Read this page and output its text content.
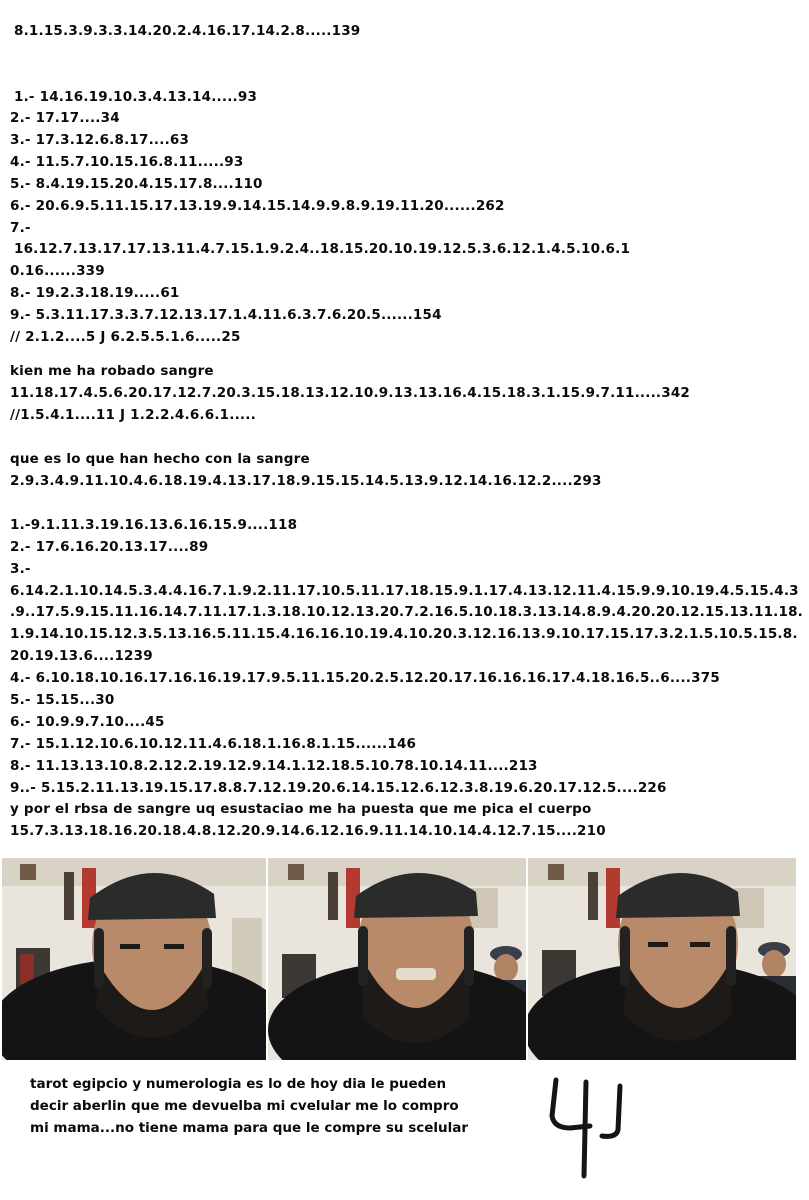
8.1.15.3.9.3.3.14.20.2.4.16.17.14.2.8.....139
1.- 14.16.19.10.3.4.13.14.....93
2.- 17.17....34
3.- 17.3.12.6.8.17....63
4.- 11.5.7.10.15.16.8.11.....93
5.- 8.4.19.15.20.4.15.17.8....110
6.- 20.6.9.5.11.15.17.13.19.9.14.15.14.9.9.8.9.19.11.20......262
7.-
16.12.7.13.17.17.13.11.4.7.15.1.9.2.4..18.15.20.10.19.12.5.3.6.12.1.4.5.10.6.1
0.16......339
8.- 19.2.3.18.19.....61
9.- 5.3.11.17.3.3.7.12.13.17.1.4.11.6.3.7.6.20.5......154
// 2.1.2....5 J 6.2.5.5.1.6.....25
kien me ha robado sangre
11.18.17.4.5.6.20.17.12.7.20.3.15.18.13.12.10.9.13.13.16.4.15.18.3.1.15.9.7.11.....342
//1.5.4.1....11 J 1.2.2.4.6.6.1.....
que es lo que han hecho con la sangre
2.9.3.4.9.11.10.4.6.18.19.4.13.17.18.9.15.15.14.5.13.9.12.14.16.12.2....293
1.-9.1.11.3.19.16.13.6.16.15.9....118
2.- 17.6.16.20.13.17....89
3.-
6.14.2.1.10.14.5.3.4.4.16.7.1.9.2.11.17.10.5.11.17.18.15.9.1.17.4.13.12.11.4.15.9.9.10.19.4.5.15.4.3
.9..17.5.9.15.11.16.14.7.11.17.1.3.18.10.12.13.20.7.2.16.5.10.18.3.13.14.8.9.4.20.20.12.15.13.11.18.
1.9.14.10.15.12.3.5.13.16.5.11.15.4.16.16.10.19.4.10.20.3.12.16.13.9.10.17.15.17.3.2.1.5.10.5.15.8.
20.19.13.6....1239
4.- 6.10.18.10.16.17.16.16.19.17.9.5.11.15.20.2.5.12.20.17.16.16.16.17.4.18.16.5..6....375
5.- 15.15...30
6.- 10.9.9.7.10....45
7.- 15.1.12.10.6.10.12.11.4.6.18.1.16.8.1.15......146
8.- 11.13.13.10.8.2.12.2.19.12.9.14.1.12.18.5.10.78.10.14.11....213
9..- 5.15.2.11.13.19.15.17.8.8.7.12.19.20.6.14.15.12.6.12.3.8.19.6.20.17.12.5....226
y por el rbsa de sangre uq esustaciao me ha puesta que me pica el cuerpo
15.7.3.13.18.16.20.18.4.8.12.20.9.14.6.12.16.9.11.14.10.14.4.12.7.15....210
tarot egipcio y numerologia es lo de hoy dia le pueden
decir aberlin que me devuelba mi cvelular me lo compro
mi mama...no tiene mama para que le compre su scelular
